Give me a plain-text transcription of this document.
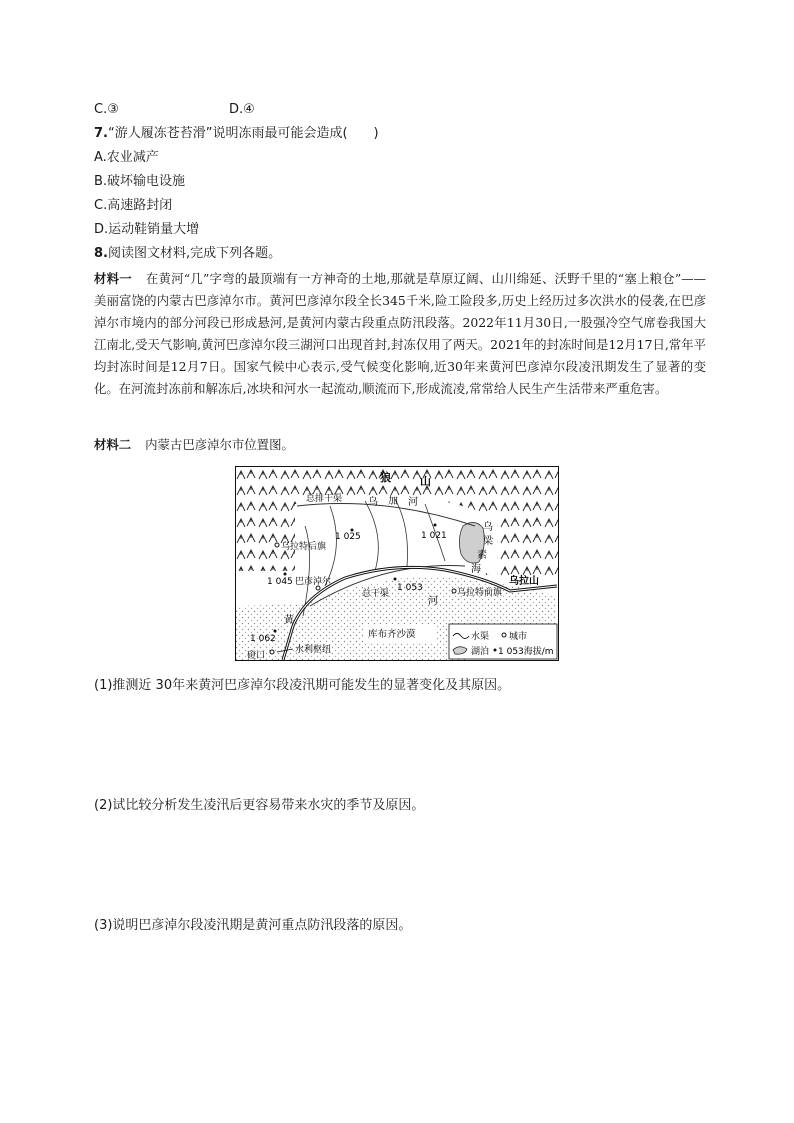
C.③	D.④
7.“游人履冻苍苔滑”说明冻雨最可能会造成(　　)
A.农业减产
B.破坏输电设施
C.高速路封闭
D.运动鞋销量大增
8.阅读图文材料,完成下列各题。
材料一 在黄河“几”字弯的最顶端有一方神奇的土地,那就是草原辽阔、山川绵延、沃野千里的“塞上粮仓”——美丽富饶的内蒙古巴彦淖尔市。黄河巴彦淖尔段全长345千米,险工险段多,历史上经历过多次洪水的侵袭,在巴彦淖尔市境内的部分河段已形成悬河,是黄河内蒙古段重点防汛段落。2022年11月30日,一股强冷空气席卷我国大江南北,受天气影响,黄河巴彦淖尔段三湖河口出现首封,封冻仅用了两天。2021年的封冻时间是12月17日,常年平均封冻时间是12月7日。国家气候中心表示,受气候变化影响,近30年来黄河巴彦淖尔段凌汛期发生了显著的变化。在河流封冻前和解冻后,冰块和河水一起流动,顺流而下,形成流凌,常常给人民生产生活带来严重危害。
材料二 内蒙古巴彦淖尔市位置图。
狼	山
总排干渠	乌 加 河
乌
梁
素
海
乌拉特后旗
巴彦淖尔
乌拉特前旗
乌拉山
总干渠
河
黄
库布齐沙漠
磴口
水利枢纽
1 025	1 021
1 045
1 053
1 062	水渠 城市
湖泊 1 053海拔/m
(1)推测近 30年来黄河巴彦淖尔段凌汛期可能发生的显著变化及其原因。
(2)试比较分析发生凌汛后更容易带来水灾的季节及原因。
(3)说明巴彦淖尔段凌汛期是黄河重点防汛段落的原因。
